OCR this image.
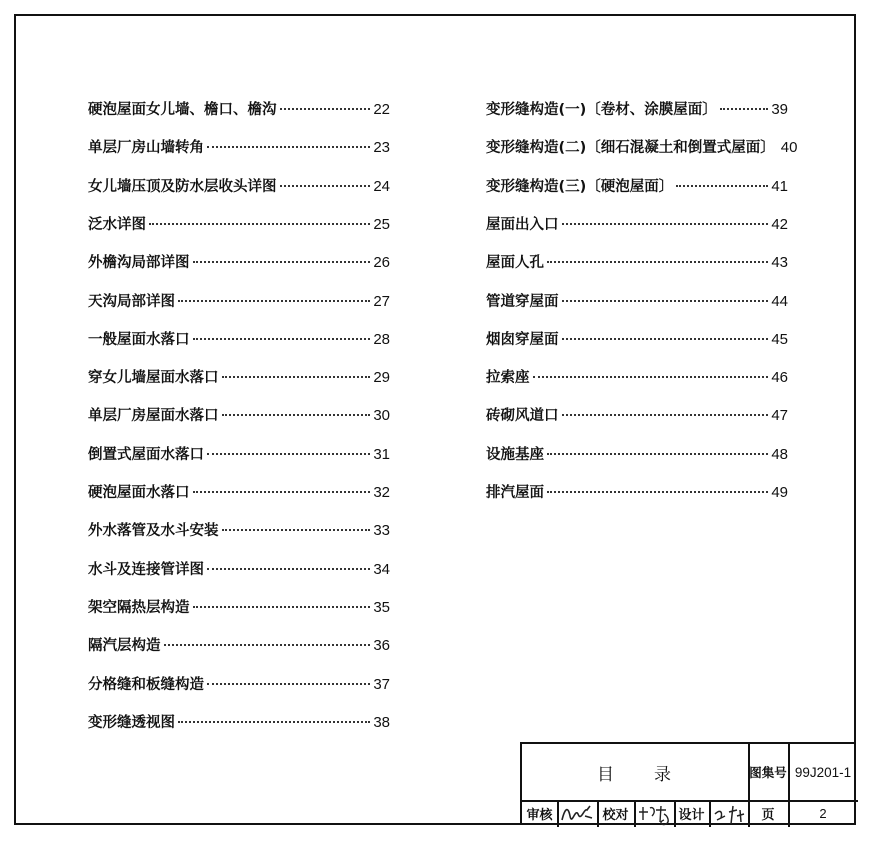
硬泡屋面女儿墙、檐口、檐沟	22
单层厂房山墙转角	23
女儿墙压顶及防水层收头详图	24
泛水详图	25
外檐沟局部详图	26
天沟局部详图	27
一般屋面水落口	28
穿女儿墙屋面水落口	29
单层厂房屋面水落口	30
倒置式屋面水落口	31
硬泡屋面水落口	32
外水落管及水斗安装	33
水斗及连接管详图	34
架空隔热层构造	35
隔汽层构造	36
分格缝和板缝构造	37
变形缝透视图	38
变形缝构造(一)〔卷材、涂膜屋面〕	39
变形缝构造(二)〔细石混凝土和倒置式屋面〕 40
变形缝构造(三)〔硬泡屋面〕	41
屋面出入口	42
屋面人孔	43
管道穿屋面	44
烟囱穿屋面	45
拉索座	46
砖砌风道口	47
设施基座	48
排汽屋面	49
目　　录	图集号 99J201-1
审核	校对	设计	页	2
